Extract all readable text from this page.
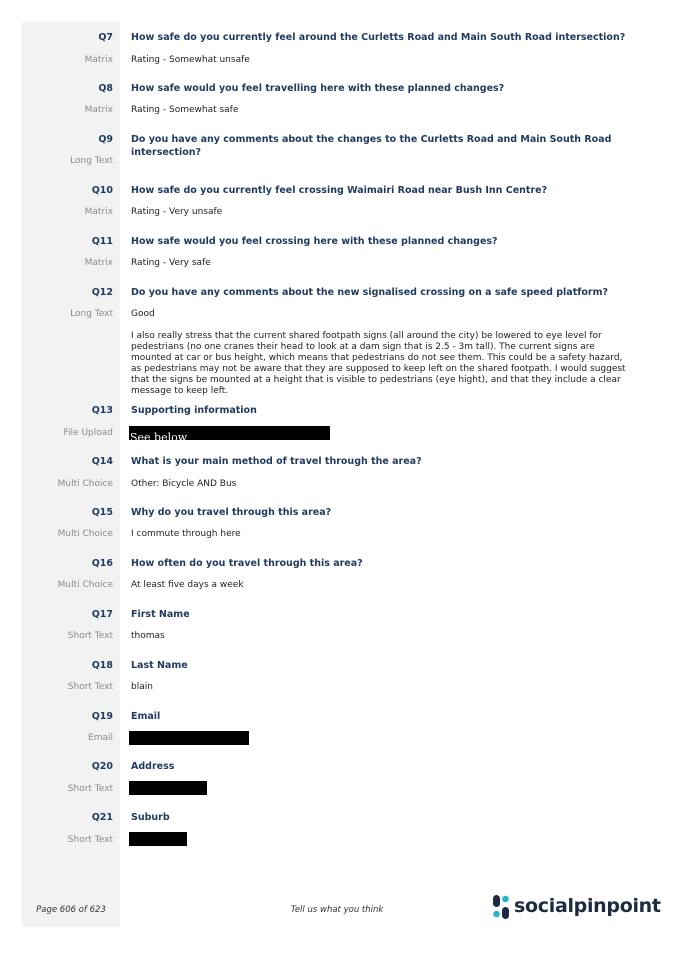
Q7 How safe do you currently feel around the Curletts Road and Main South Road intersection?
Matrix Rating - Somewhat unsafe
Q8 How safe would you feel travelling here with these planned changes?
Matrix Rating - Somewhat safe
Q9 Do you have any comments about the changes to the Curletts Road and Main South Road intersection?
Long Text
Q10 How safe do you currently feel crossing Waimairi Road near Bush Inn Centre?
Matrix Rating - Very unsafe
Q11 How safe would you feel crossing here with these planned changes?
Matrix Rating - Very safe
Q12 Do you have any comments about the new signalised crossing on a safe speed platform?
Long Text Good
I also really stress that the current shared footpath signs (all around the city) be lowered to eye level for pedestrians (no one cranes their head to look at a dam sign that is 2.5 - 3m tall). The current signs are mounted at car or bus height, which means that pedestrians do not see them. This could be a safety hazard, as pedestrians may not be aware that they are supposed to keep left on the shared footpath. I would suggest that the signs be mounted at a height that is visible to pedestrians (eye hight), and that they include a clear message to keep left.
Q13 Supporting information
File Upload See below
Q14 What is your main method of travel through the area?
Multi Choice Other: Bicycle AND Bus
Q15 Why do you travel through this area?
Multi Choice I commute through here
Q16 How often do you travel through this area?
Multi Choice At least five days a week
Q17 First Name
Short Text thomas
Q18 Last Name
Short Text blain
Q19 Email
Email
Q20 Address
Short Text
Q21 Suburb
Short Text
Page 606 of 623	Tell us what you think	socialpinpoint
